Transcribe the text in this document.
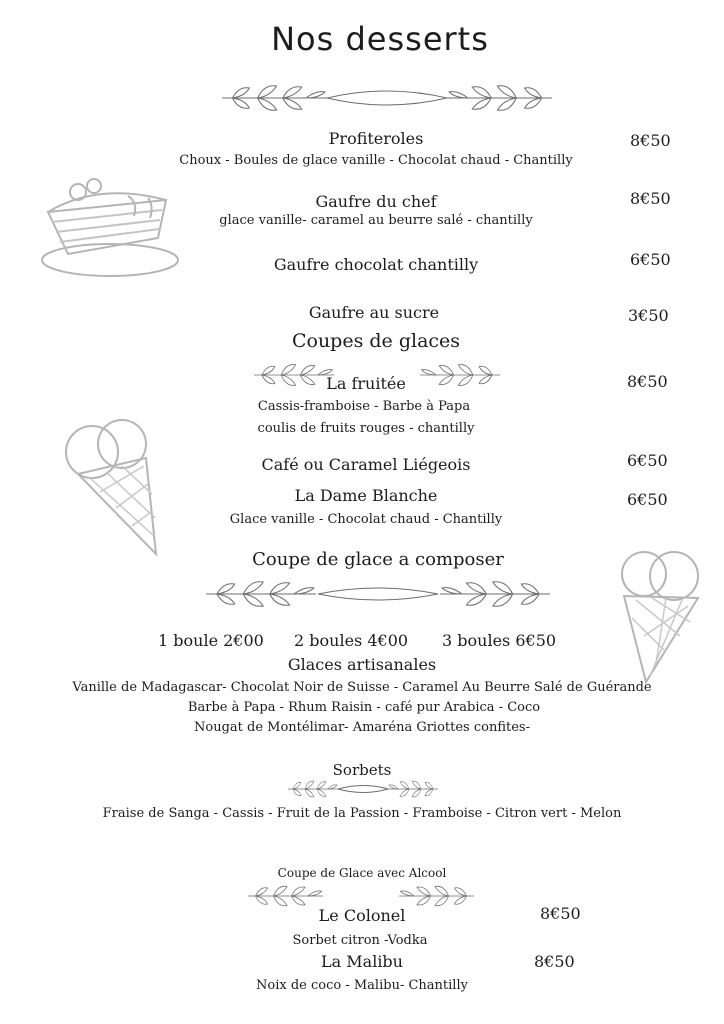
Nos desserts
Profiteroles	8€50
Choux - Boules de glace vanille - Chocolat chaud - Chantilly
Gaufre du chef	8€50
glace vanille- caramel au beurre salé - chantilly
Gaufre chocolat chantilly	6€50
Gaufre au sucre	3€50
Coupes de glaces
La fruitée	8€50
Cassis-framboise - Barbe à Papa
coulis de fruits rouges - chantilly
Café ou Caramel Liégeois	6€50
La Dame Blanche	6€50
Glace vanille - Chocolat chaud - Chantilly
Coupe de glace a composer
1 boule 2€00 2 boules 4€00 3 boules 6€50
Glaces artisanales
Vanille de Madagascar- Chocolat Noir de Suisse - Caramel Au Beurre Salé de Guérande
Barbe à Papa - Rhum Raisin - café pur Arabica - Coco
Nougat de Montélimar- Amaréna Griottes confites-
Sorbets
Fraise de Sanga - Cassis - Fruit de la Passion - Framboise - Citron vert - Melon
Coupe de Glace avec Alcool
Le Colonel	8€50
Sorbet citron -Vodka
La Malibu	8€50
Noix de coco - Malibu- Chantilly
